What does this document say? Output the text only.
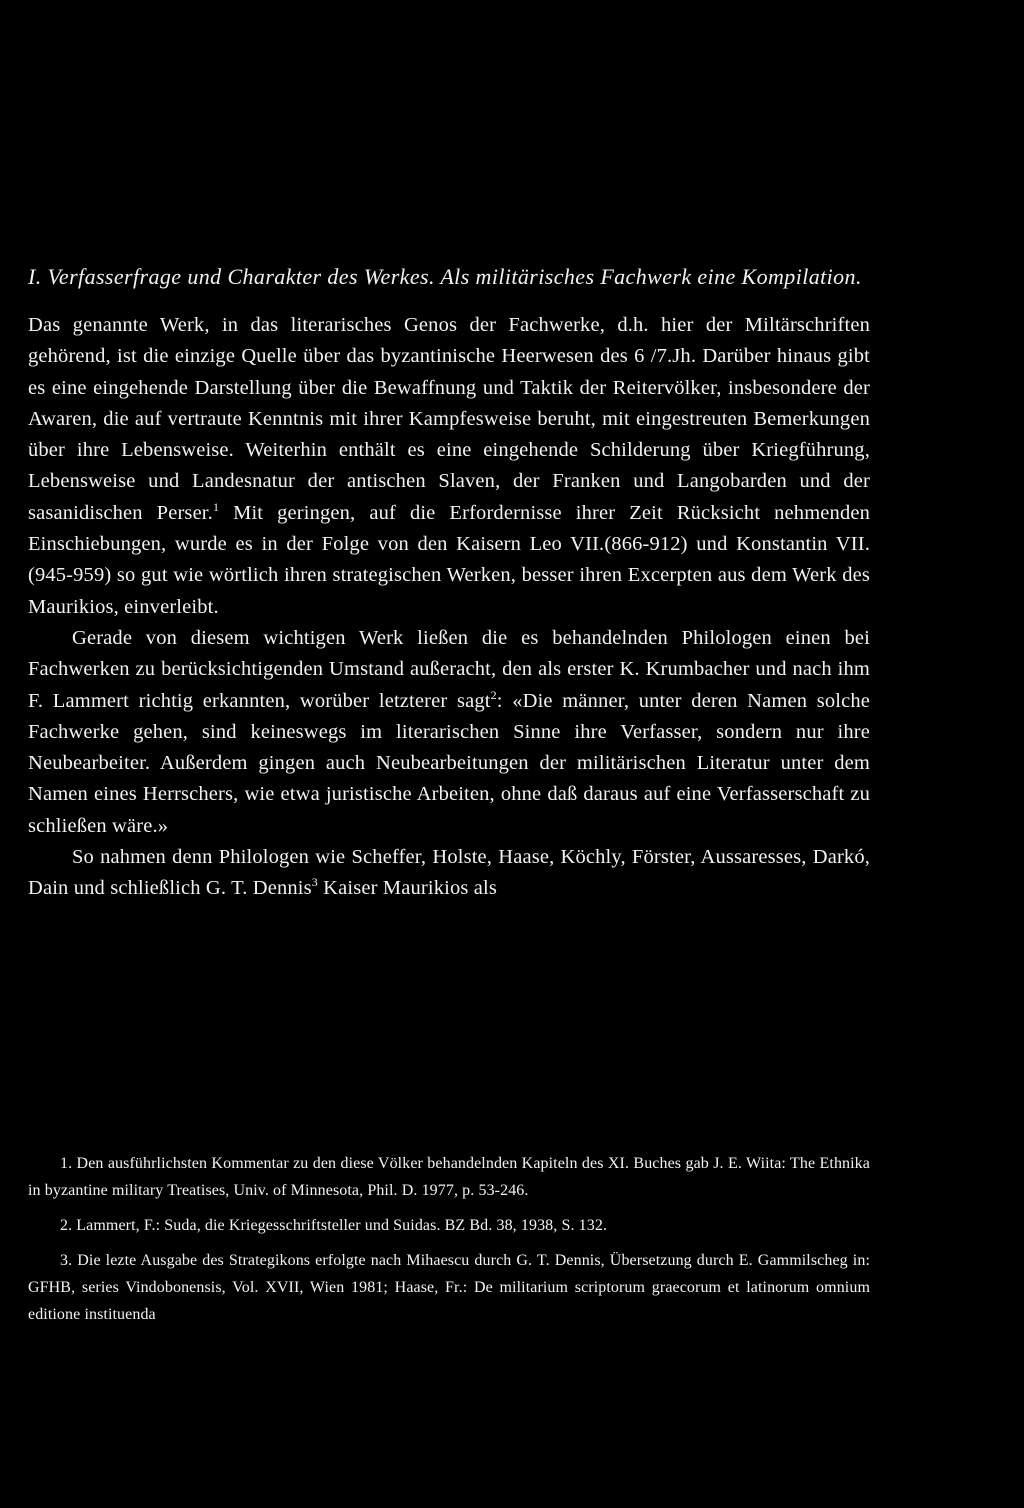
I. Verfasserfrage und Charakter des Werkes. Als militärisches Fachwerk eine Kompilation.

Das genannte Werk, in das literarisches Genos der Fachwerke, d.h. hier der Miltärschriften gehörend, ist die einzige Quelle über das byzantinische Heerwesen des 6 /7.Jh. Darüber hinaus gibt es eine eingehende Darstellung über die Bewaffnung und Taktik der Reitervölker, insbesondere der Awaren, die auf vertraute Kenntnis mit ihrer Kampfesweise beruht, mit eingestreuten Bemerkungen über ihre Lebensweise. Weiterhin enthält es eine eingehende Schilderung über Kriegführung, Lebensweise und Landesnatur der antischen Slaven, der Franken und Langobarden und der sasanidischen Perser.$^1$ Mit geringen, auf die Erfordernisse ihrer Zeit Rücksicht nehmenden Einschiebungen, wurde es in der Folge von den Kaisern Leo VII.(866-912) und Konstantin VII.(945-959) so gut wie wörtlich ihren strategischen Werken, besser ihren Excerpten aus dem Werk des Maurikios, einverleibt.

Gerade von diesem wichtigen Werk ließen die es behandelnden Philologen einen bei Fachwerken zu berücksichtigenden Umstand außeracht, den als erster K. Krumbacher und nach ihm F. Lammert richtig erkannten, worüber letzterer sagt$^2$: «Die männer, unter deren Namen solche Fachwerke gehen, sind keineswegs im literarischen Sinne ihre Verfasser, sondern nur ihre Neubearbeiter. Außerdem gingen auch Neubearbeitungen der militärischen Literatur unter dem Namen eines Herrschers, wie etwa juristische Arbeiten, ohne daß daraus auf eine Verfasserschaft zu schließen wäre.»

So nahmen denn Philologen wie Scheffer, Holste, Haase, Köchly, Förster, Aussaresses, Darkó, Dain und schließlich G. T. Dennis$^3$ Kaiser Maurikios als

1. Den ausführlichsten Kommentar zu den diese Völker behandelnden Kapiteln des XI. Buches gab J. E. Wiita: The Ethnika in byzantine military Treatises, Univ. of Minnesota, Phil. D. 1977, p. 53-246.

2. Lammert, F.: Suda, die Kriegesschriftsteller und Suidas. BZ Bd. 38, 1938, S. 132.

3. Die lezte Ausgabe des Strategikons erfolgte nach Mihaescu durch G. T. Dennis, Übersetzung durch E. Gammilscheg in: GFHB, series Vindobonensis, Vol. XVII, Wien 1981; Haase, Fr.: De militarium scriptorum graecorum et latinorum omnium editione instituenda
